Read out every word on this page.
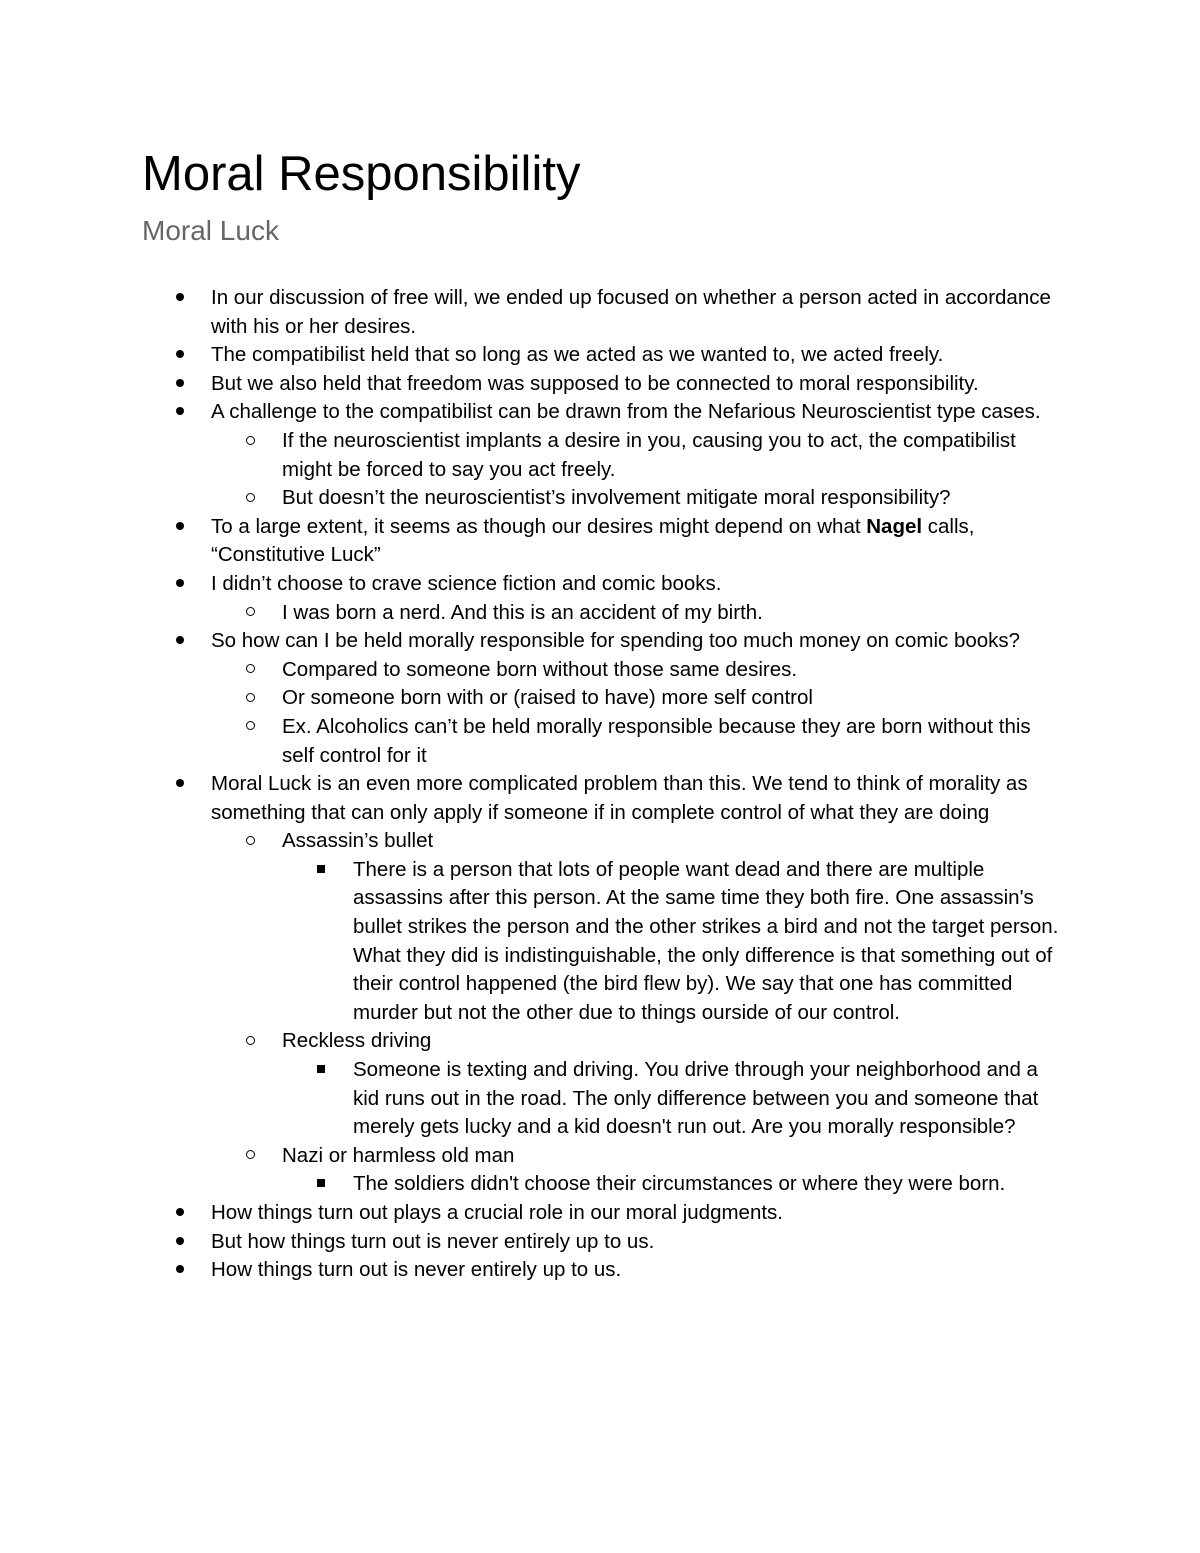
Moral Responsibility
Moral Luck
In our discussion of free will, we ended up focused on whether a person acted in accordance with his or her desires.
The compatibilist held that so long as we acted as we wanted to, we acted freely.
But we also held that freedom was supposed to be connected to moral responsibility.
A challenge to the compatibilist can be drawn from the Nefarious Neuroscientist type cases.
If the neuroscientist implants a desire in you, causing you to act, the compatibilist might be forced to say you act freely.
But doesn’t the neuroscientist’s involvement mitigate moral responsibility?
To a large extent, it seems as though our desires might depend on what Nagel calls, “Constitutive Luck”
I didn’t choose to crave science fiction and comic books.
I was born a nerd. And this is an accident of my birth.
So how can I be held morally responsible for spending too much money on comic books?
Compared to someone born without those same desires.
Or someone born with or (raised to have) more self control
Ex. Alcoholics can’t be held morally responsible because they are born without this self control for it
Moral Luck is an even more complicated problem than this. We tend to think of morality as something that can only apply if someone if in complete control of what they are doing
Assassin’s bullet
There is a person that lots of people want dead and there are multiple assassins after this person. At the same time they both fire. One assassin's bullet strikes the person and the other strikes a bird and not the target person. What they did is indistinguishable, the only difference is that something out of their control happened (the bird flew by). We say that one has committed murder but not the other due to things ourside of our control.
Reckless driving
Someone is texting and driving. You drive through your neighborhood and a kid runs out in the road. The only difference between you and someone that merely gets lucky and a kid doesn't run out. Are you morally responsible?
Nazi or harmless old man
The soldiers didn't choose their circumstances or where they were born.
How things turn out plays a crucial role in our moral judgments.
But how things turn out is never entirely up to us.
How things turn out is never entirely up to us.
